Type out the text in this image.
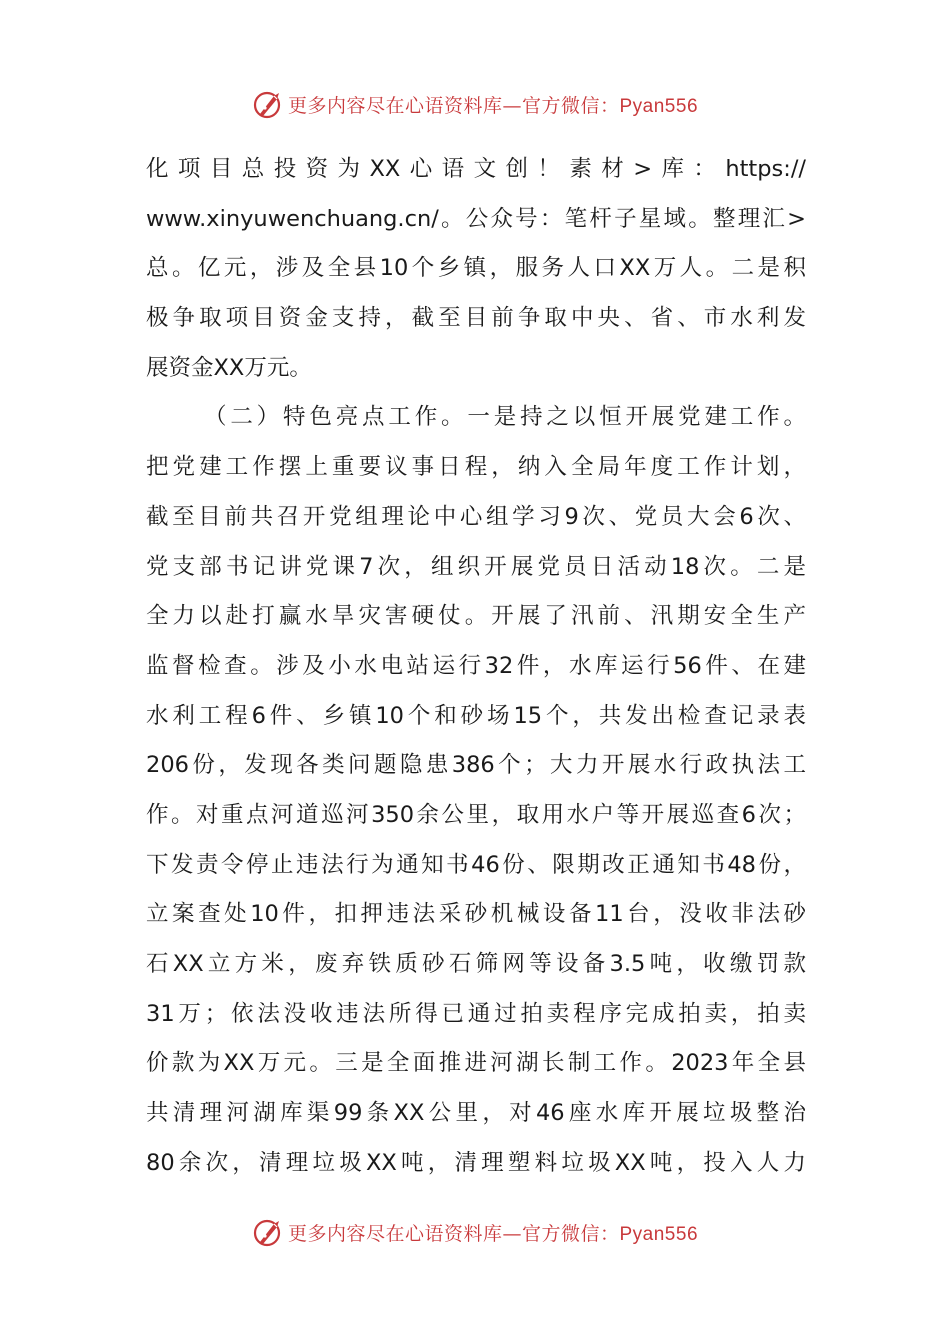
更多内容尽在心语资料库—官方微信：Pyan556
化项目总投资为XX心语文创！素材>库：https://
www.xinyuwenchuang.cn/。公众号：笔杆子星域。整理汇>
总。亿元，涉及全县10个乡镇，服务人口XX万人。二是积
极争取项目资金支持，截至目前争取中央、省、市水利发
展资金XX万元。
（二）特色亮点工作。一是持之以恒开展党建工作。
把党建工作摆上重要议事日程，纳入全局年度工作计划，
截至目前共召开党组理论中心组学习9次、党员大会6次、
党支部书记讲党课7次，组织开展党员日活动18次。二是
全力以赴打赢水旱灾害硬仗。开展了汛前、汛期安全生产
监督检查。涉及小水电站运行32件，水库运行56件、在建
水利工程6件、乡镇10个和砂场15个，共发出检查记录表
206份，发现各类问题隐患386个；大力开展水行政执法工
作。对重点河道巡河350余公里，取用水户等开展巡查6次；
下发责令停止违法行为通知书46份、限期改正通知书48份，
立案查处10件，扣押违法采砂机械设备11台，没收非法砂
石XX立方米，废弃铁质砂石筛网等设备3.5吨，收缴罚款
31万；依法没收违法所得已通过拍卖程序完成拍卖，拍卖
价款为XX万元。三是全面推进河湖长制工作。2023年全县
共清理河湖库渠99条XX公里，对46座水库开展垃圾整治
80余次，清理垃圾XX吨，清理塑料垃圾XX吨，投入人力
更多内容尽在心语资料库—官方微信：Pyan556
